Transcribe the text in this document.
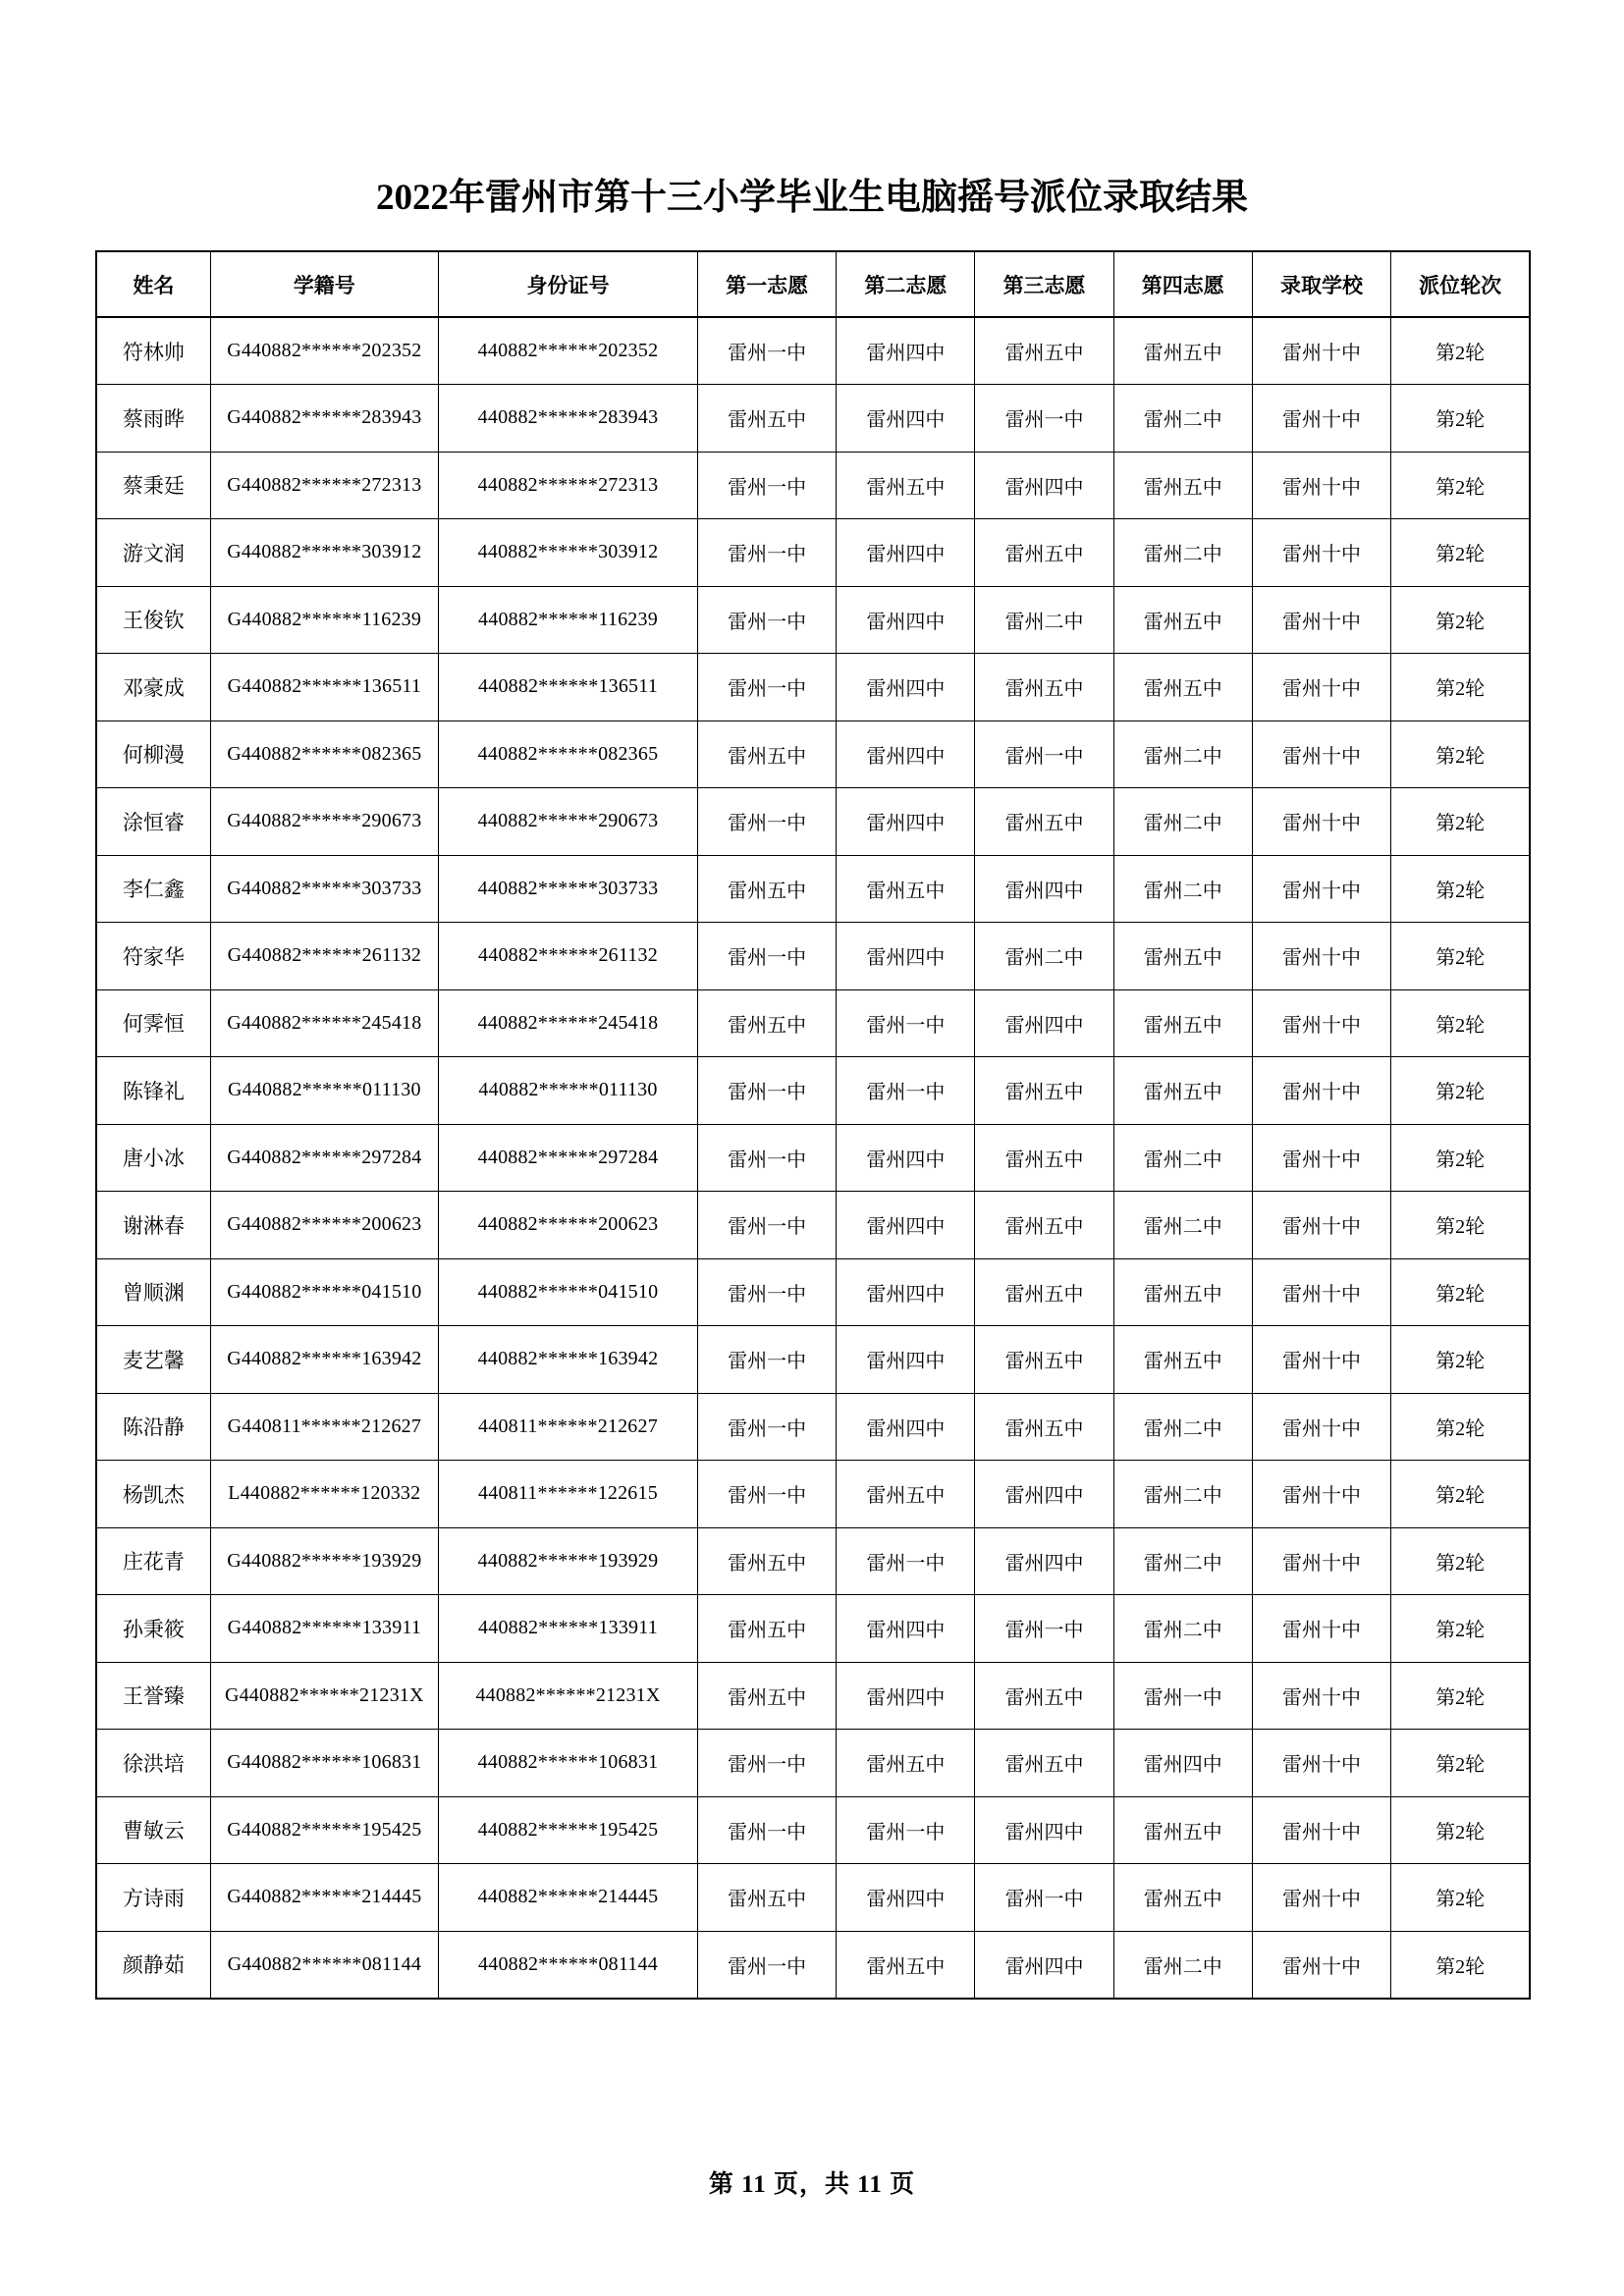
2022年雷州市第十三小学毕业生电脑摇号派位录取结果
姓名	学籍号	身份证号	第一志愿	第二志愿	第三志愿	第四志愿	录取学校	派位轮次
符林帅	G440882******202352	440882******202352	雷州一中	雷州四中	雷州五中	雷州五中	雷州十中	第2轮
蔡雨晔	G440882******283943	440882******283943	雷州五中	雷州四中	雷州一中	雷州二中	雷州十中	第2轮
蔡秉廷	G440882******272313	440882******272313	雷州一中	雷州五中	雷州四中	雷州五中	雷州十中	第2轮
游文润	G440882******303912	440882******303912	雷州一中	雷州四中	雷州五中	雷州二中	雷州十中	第2轮
王俊钦	G440882******116239	440882******116239	雷州一中	雷州四中	雷州二中	雷州五中	雷州十中	第2轮
邓豪成	G440882******136511	440882******136511	雷州一中	雷州四中	雷州五中	雷州五中	雷州十中	第2轮
何柳漫	G440882******082365	440882******082365	雷州五中	雷州四中	雷州一中	雷州二中	雷州十中	第2轮
涂恒睿	G440882******290673	440882******290673	雷州一中	雷州四中	雷州五中	雷州二中	雷州十中	第2轮
李仁鑫	G440882******303733	440882******303733	雷州五中	雷州五中	雷州四中	雷州二中	雷州十中	第2轮
符家华	G440882******261132	440882******261132	雷州一中	雷州四中	雷州二中	雷州五中	雷州十中	第2轮
何霁恒	G440882******245418	440882******245418	雷州五中	雷州一中	雷州四中	雷州五中	雷州十中	第2轮
陈锋礼	G440882******011130	440882******011130	雷州一中	雷州一中	雷州五中	雷州五中	雷州十中	第2轮
唐小冰	G440882******297284	440882******297284	雷州一中	雷州四中	雷州五中	雷州二中	雷州十中	第2轮
谢淋春	G440882******200623	440882******200623	雷州一中	雷州四中	雷州五中	雷州二中	雷州十中	第2轮
曾顺渊	G440882******041510	440882******041510	雷州一中	雷州四中	雷州五中	雷州五中	雷州十中	第2轮
麦艺馨	G440882******163942	440882******163942	雷州一中	雷州四中	雷州五中	雷州五中	雷州十中	第2轮
陈沿静	G440811******212627	440811******212627	雷州一中	雷州四中	雷州五中	雷州二中	雷州十中	第2轮
杨凯杰	L440882******120332	440811******122615	雷州一中	雷州五中	雷州四中	雷州二中	雷州十中	第2轮
庄花青	G440882******193929	440882******193929	雷州五中	雷州一中	雷州四中	雷州二中	雷州十中	第2轮
孙秉筱	G440882******133911	440882******133911	雷州五中	雷州四中	雷州一中	雷州二中	雷州十中	第2轮
王誉臻	G440882******21231X	440882******21231X	雷州五中	雷州四中	雷州五中	雷州一中	雷州十中	第2轮
徐洪培	G440882******106831	440882******106831	雷州一中	雷州五中	雷州五中	雷州四中	雷州十中	第2轮
曹敏云	G440882******195425	440882******195425	雷州一中	雷州一中	雷州四中	雷州五中	雷州十中	第2轮
方诗雨	G440882******214445	440882******214445	雷州五中	雷州四中	雷州一中	雷州五中	雷州十中	第2轮
颜静茹	G440882******081144	440882******081144	雷州一中	雷州五中	雷州四中	雷州二中	雷州十中	第2轮
第 11 页，共 11 页
